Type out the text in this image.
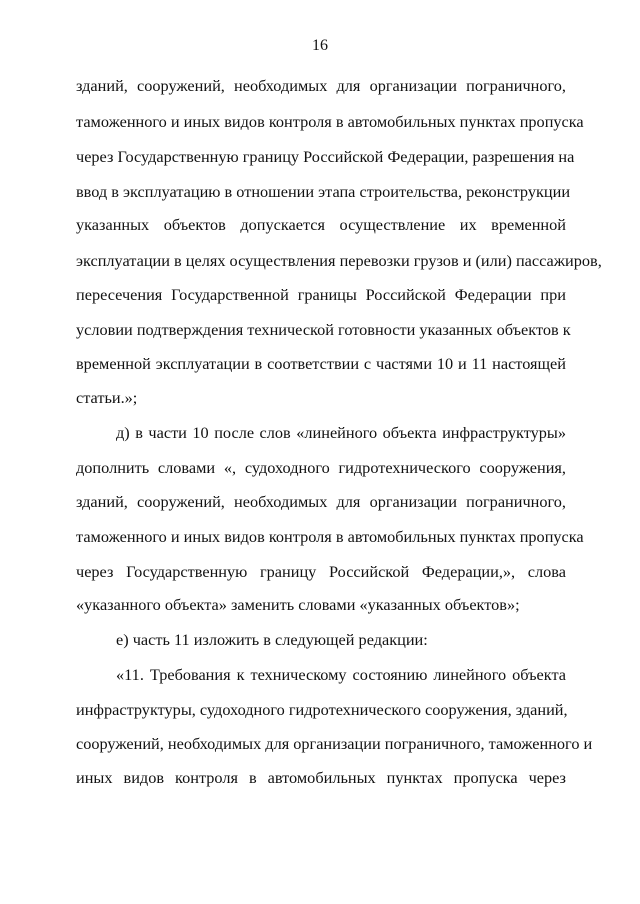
16
зданий, сооружений, необходимых для организации пограничного,
таможенного и иных видов контроля в автомобильных пунктах пропуска
через Государственную границу Российской Федерации, разрешения на
ввод в эксплуатацию в отношении этапа строительства, реконструкции
указанных объектов допускается осуществление их временной
эксплуатации в целях осуществления перевозки грузов и (или) пассажиров,
пересечения Государственной границы Российской Федерации при
условии подтверждения технической готовности указанных объектов к
временной эксплуатации в соответствии с частями 10 и 11 настоящей
статьи.»;
д) в части 10 после слов «линейного объекта инфраструктуры»
дополнить словами «, судоходного гидротехнического сооружения,
зданий, сооружений, необходимых для организации пограничного,
таможенного и иных видов контроля в автомобильных пунктах пропуска
через Государственную границу Российской Федерации,», слова
«указанного объекта» заменить словами «указанных объектов»;
е) часть 11 изложить в следующей редакции:
«11. Требования к техническому состоянию линейного объекта
инфраструктуры, судоходного гидротехнического сооружения, зданий,
сооружений, необходимых для организации пограничного, таможенного и
иных видов контроля в автомобильных пунктах пропуска через
